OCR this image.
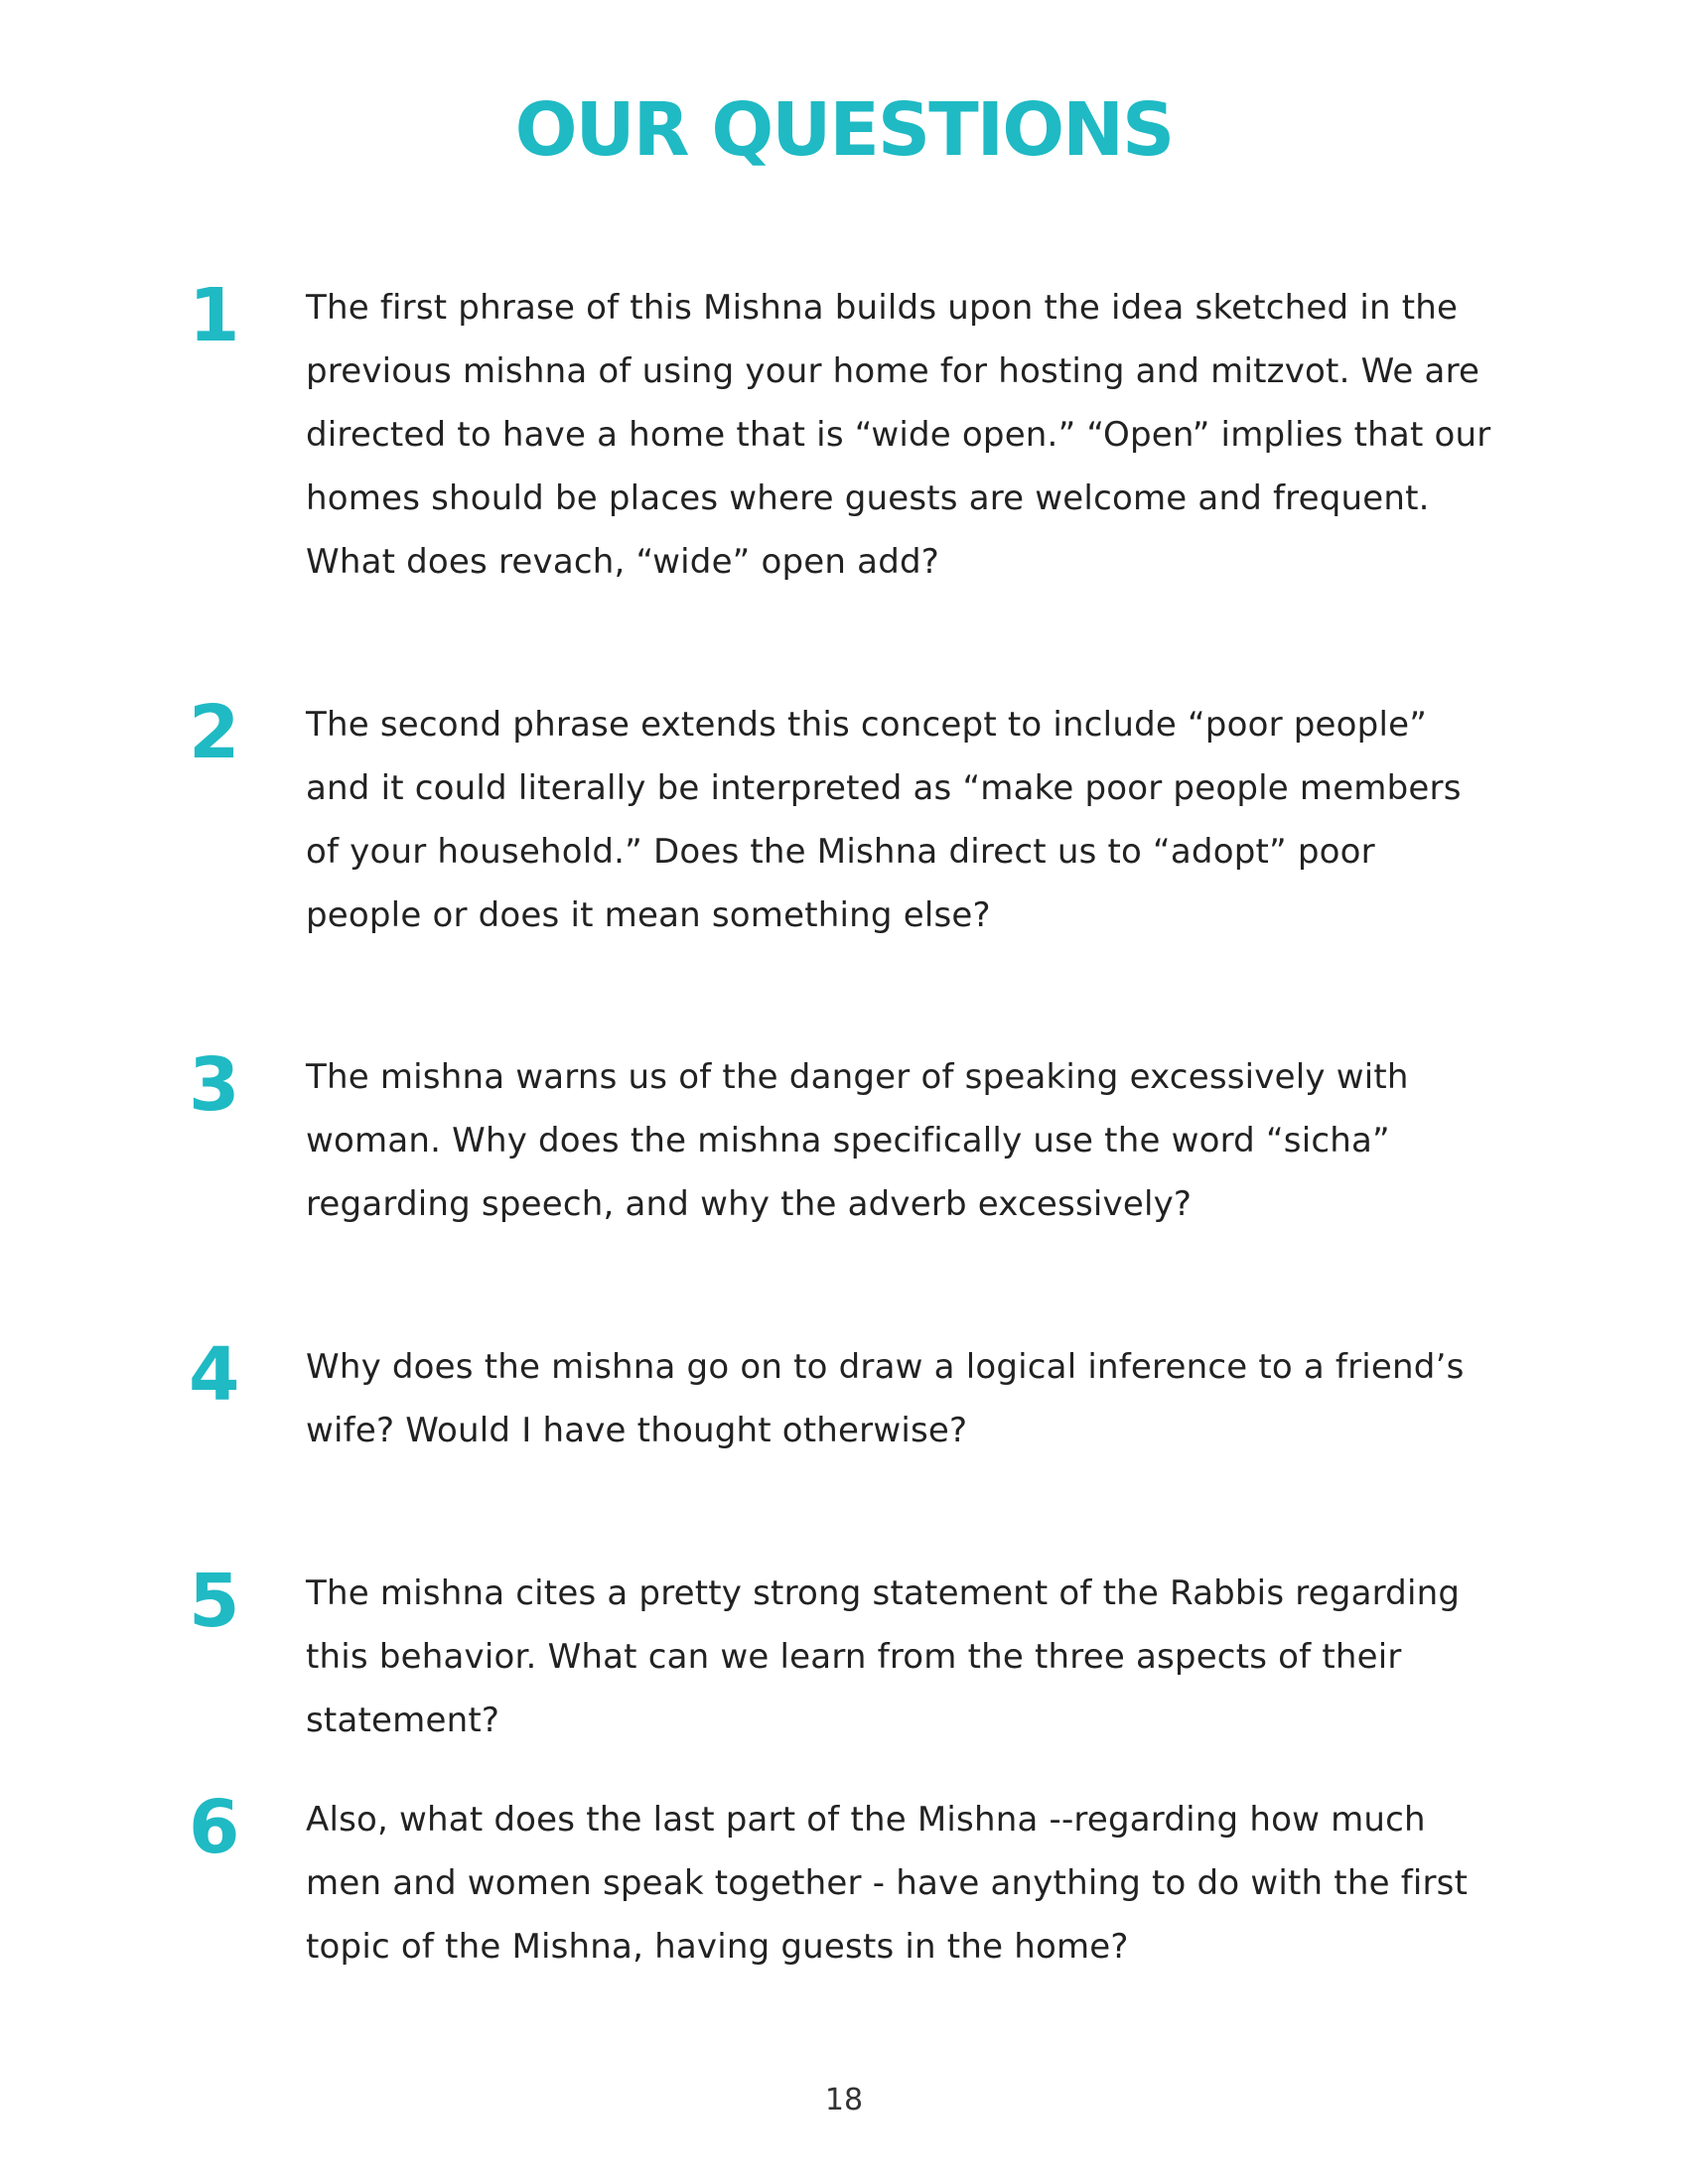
OUR QUESTIONS
1 The first phrase of this Mishna builds upon the idea sketched in the previous mishna of using your home for hosting and mitzvot. We are directed to have a home that is “wide open.” “Open” implies that our homes should be places where guests are welcome and frequent. What does revach, “wide” open add?

2 The second phrase extends this concept to include “poor people” and it could literally be interpreted as “make poor people members of your household.” Does the Mishna direct us to “adopt” poor people or does it mean something else?

3 The mishna warns us of the danger of speaking excessively with woman. Why does the mishna specifically use the word “sicha” regarding speech, and why the adverb excessively?

4 Why does the mishna go on to draw a logical inference to a friend’s wife? Would I have thought otherwise?

5 The mishna cites a pretty strong statement of the Rabbis regarding this behavior. What can we learn from the three aspects of their statement?

6 Also, what does the last part of the Mishna --regarding how much men and women speak together - have anything to do with the first topic of the Mishna, having guests in the home?

18
